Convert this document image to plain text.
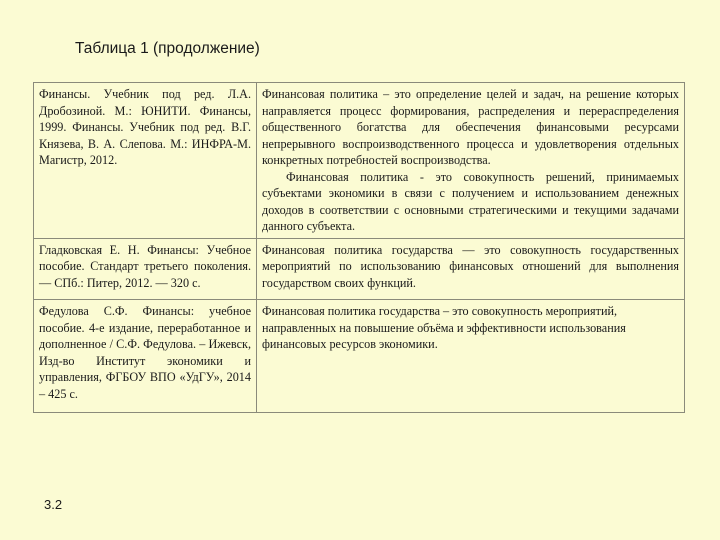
Таблица 1 (продолжение)
Финансы. Учебник под ред. Л.А. Дробозиной. М.: ЮНИТИ. Финансы, 1999. Финансы. Учебник под ред. В.Г. Князева, В. А. Слепова. М.: ИНФРА-М. Магистр, 2012.	Финансовая политика – это определение целей и задач, на решение которых направляется процесс формирования, распределения и перераспределения общественного богатства для обеспечения финансовыми ресурсами непрерывного воспроизводственного процесса и удовлетворения отдельных конкретных потребностей воспроизводства.
Финансовая политика - это совокупность решений, принимаемых субъектами экономики в связи с получением и использованием денежных доходов в соответствии с основными стратегическими и текущими задачами данного субъекта.

Гладковская Е. Н. Финансы: Учебное пособие. Стандарт третьего поколения. — СПб.: Питер, 2012. — 320 с.	Финансовая политика государства — это совокупность государственных мероприятий по использованию финансовых отношений для выполнения государством своих функций.

Федулова С.Ф. Финансы: учебное пособие. 4-е издание, переработанное и дополненное / С.Ф. Федулова. – Ижевск, Изд-во Институт экономики и управления, ФГБОУ ВПО «УдГУ», 2014 – 425 с.	Финансовая политика государства – это совокупность мероприятий, направленных на повышение объёма и эффективности использования финансовых ресурсов экономики.
3.2
